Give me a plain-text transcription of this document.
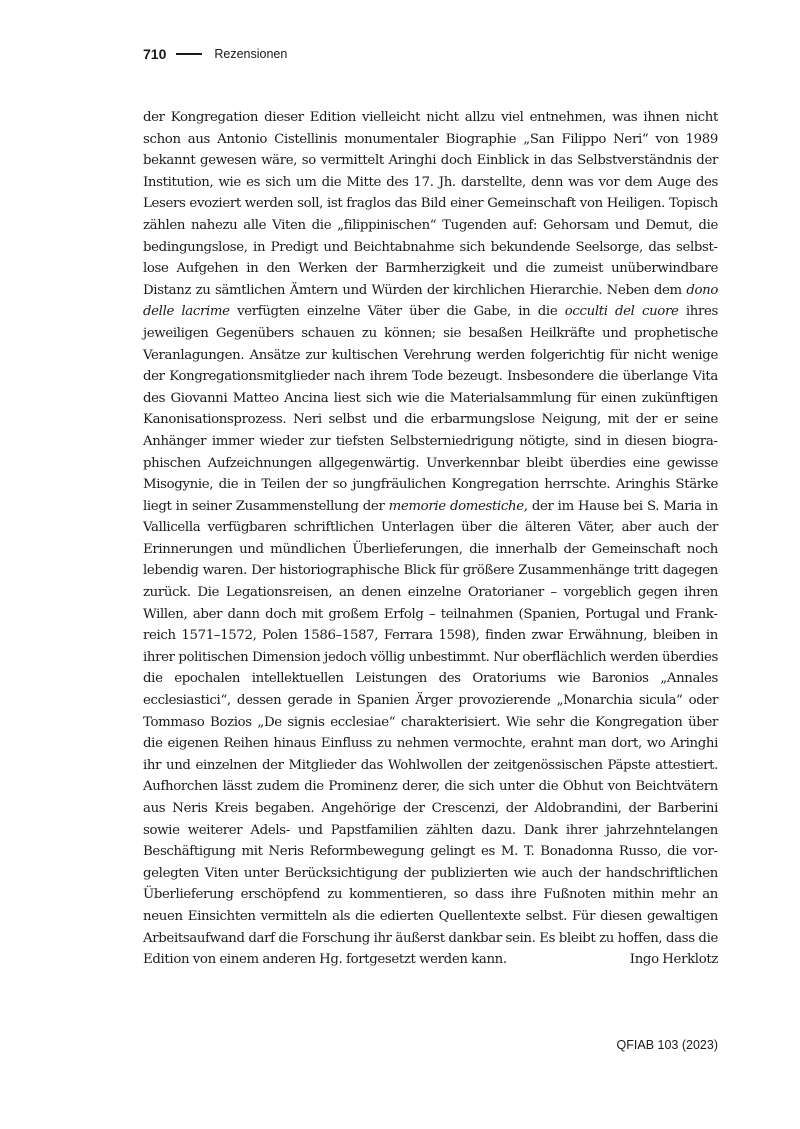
710	Rezensionen

der Kongregation dieser Edition vielleicht nicht allzu viel entnehmen, was ihnen nicht schon aus Antonio Cistellinis monumentaler Biographie „San Filippo Neri“ von 1989 bekannt gewesen wäre, so vermittelt Aringhi doch Einblick in das Selbstverständnis der Institution, wie es sich um die Mitte des 17. Jh. darstellte, denn was vor dem Auge des Lesers evoziert werden soll, ist fraglos das Bild einer Gemeinschaft von Heiligen. Topisch zählen nahezu alle Viten die „filippinischen“ Tugenden auf: Gehorsam und Demut, die bedingungslose, in Predigt und Beichtabnahme sich bekundende Seelsorge, das selbstlose Aufgehen in den Werken der Barmherzigkeit und die zumeist unüberwindbare Distanz zu sämtlichen Ämtern und Würden der kirchlichen Hierarchie. Neben dem dono delle lacrime verfügten einzelne Väter über die Gabe, in die occulti del cuore ihres jeweiligen Gegenübers schauen zu können; sie besaßen Heilkräfte und prophetische Veranlagungen. Ansätze zur kultischen Verehrung werden folgerichtig für nicht wenige der Kongregationsmitglieder nach ihrem Tode bezeugt. Insbesondere die überlange Vita des Giovanni Matteo Ancina liest sich wie die Materialsammlung für einen zukünftigen Kanonisationsprozess. Neri selbst und die erbarmungslose Neigung, mit der er seine Anhänger immer wieder zur tiefsten Selbsterniedrigung nötigte, sind in diesen biographischen Aufzeichnungen allgegenwärtig. Unverkennbar bleibt überdies eine gewisse Misogynie, die in Teilen der so jungfräulichen Kongregation herrschte. Aringhis Stärke liegt in seiner Zusammenstellung der memorie domestiche, der im Hause bei S. Maria in Vallicella verfügbaren schriftlichen Unterlagen über die älteren Väter, aber auch der Erinnerungen und mündlichen Überlieferungen, die innerhalb der Gemeinschaft noch lebendig waren. Der historiographische Blick für größere Zusammenhänge tritt dagegen zurück. Die Legationsreisen, an denen einzelne Oratorianer – vorgeblich gegen ihren Willen, aber dann doch mit großem Erfolg – teilnahmen (Spanien, Portugal und Frankreich 1571–1572, Polen 1586–1587, Ferrara 1598), finden zwar Erwähnung, bleiben in ihrer politischen Dimension jedoch völlig unbestimmt. Nur oberflächlich werden überdies die epochalen intellektuellen Leistungen des Oratoriums wie Baronios „Annales ecclesiastici“, dessen gerade in Spanien Ärger provozierende „Monarchia sicula“ oder Tommaso Bozios „De signis ecclesiae“ charakterisiert. Wie sehr die Kongregation über die eigenen Reihen hinaus Einfluss zu nehmen vermochte, erahnt man dort, wo Aringhi ihr und einzelnen der Mitglieder das Wohlwollen der zeitgenössischen Päpste attestiert. Aufhorchen lässt zudem die Prominenz derer, die sich unter die Obhut von Beichtvätern aus Neris Kreis begaben. Angehörige der Crescenzi, der Aldobrandini, der Barberini sowie weiterer Adels- und Papstfamilien zählten dazu. Dank ihrer jahrzehntelangen Beschäftigung mit Neris Reformbewegung gelingt es M. T. Bonadonna Russo, die vorgelegten Viten unter Berücksichtigung der publizierten wie auch der handschriftlichen Überlieferung erschöpfend zu kommentieren, so dass ihre Fußnoten mithin mehr an neuen Einsichten vermitteln als die edierten Quellentexte selbst. Für diesen gewaltigen Arbeitsaufwand darf die Forschung ihr äußerst dankbar sein. Es bleibt zu hoffen, dass die Edition von einem anderen Hg. fortgesetzt werden kann.	Ingo Herklotz

QFIAB 103 (2023)
